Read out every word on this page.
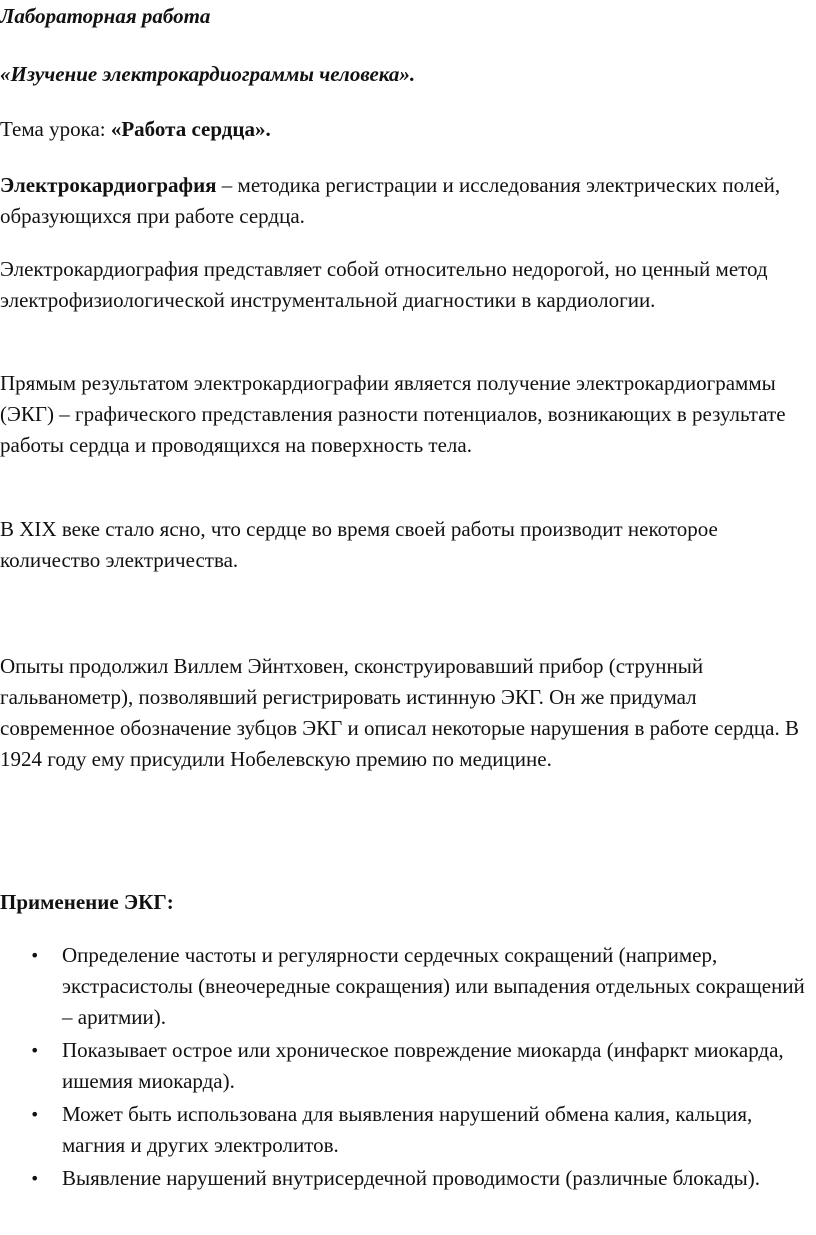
Лабораторная работа

«Изучение электрокардиограммы человека».

Тема урока: «Работа сердца».

Электрокардиография – методика регистрации и исследования электрических полей, образующихся при работе сердца.

Электрокардиография представляет собой относительно недорогой, но ценный метод электрофизиологической инструментальной диагностики в кардиологии.

Прямым результатом электрокардиографии является получение электрокардиограммы (ЭКГ) – графического представления разности потенциалов, возникающих в результате работы сердца и проводящихся на поверхность тела.

В XIX веке стало ясно, что сердце во время своей работы производит некоторое количество электричества.

Опыты продолжил Виллем Эйнтховен, сконструировавший прибор (струнный гальванометр), позволявший регистрировать истинную ЭКГ. Он же придумал современное обозначение зубцов ЭКГ и описал некоторые нарушения в работе сердца. В 1924 году ему присудили Нобелевскую премию по медицине.

Применение ЭКГ:

• Определение частоты и регулярности сердечных сокращений (например, экстрасистолы (внеочередные сокращения) или выпадения отдельных сокращений – аритмии).
• Показывает острое или хроническое повреждение миокарда (инфаркт миокарда, ишемия миокарда).
• Может быть использована для выявления нарушений обмена калия, кальция, магния и других электролитов.
• Выявление нарушений внутрисердечной проводимости (различные блокады).
